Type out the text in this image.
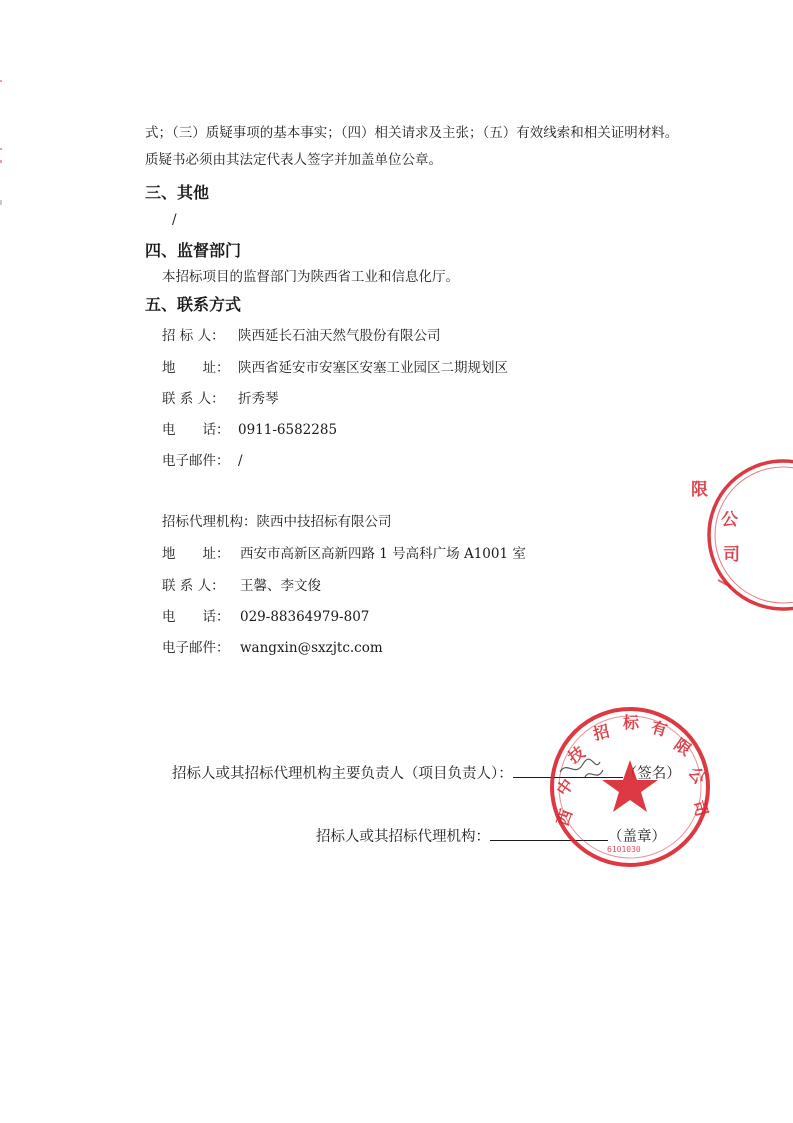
式；（三）质疑事项的基本事实；（四）相关请求及主张；（五）有效线索和相关证明材料。
质疑书必须由其法定代表人签字并加盖单位公章。
三、其他
/
四、监督部门
本招标项目的监督部门为陕西省工业和信息化厅。
五、联系方式
招 标 人： 陕西延长石油天然气股份有限公司
地　　址： 陕西省延安市安塞区安塞工业园区二期规划区
联 系 人： 折秀琴
电　　话： 0911-6582285
电子邮件： /
招标代理机构：陕西中技招标有限公司
地　　址： 西安市高新区高新四路 1 号高科广场 A1001 室
联 系 人： 王馨、李文俊
电　　话： 029-88364979-807
电子邮件： wangxin@sxzjtc.com
招标人或其招标代理机构主要负责人（项目负责人）：	（签名）
招标人或其招标代理机构：	（盖章）
限
公
司
西
中
技
招 标 有
限
公
司
6101030
